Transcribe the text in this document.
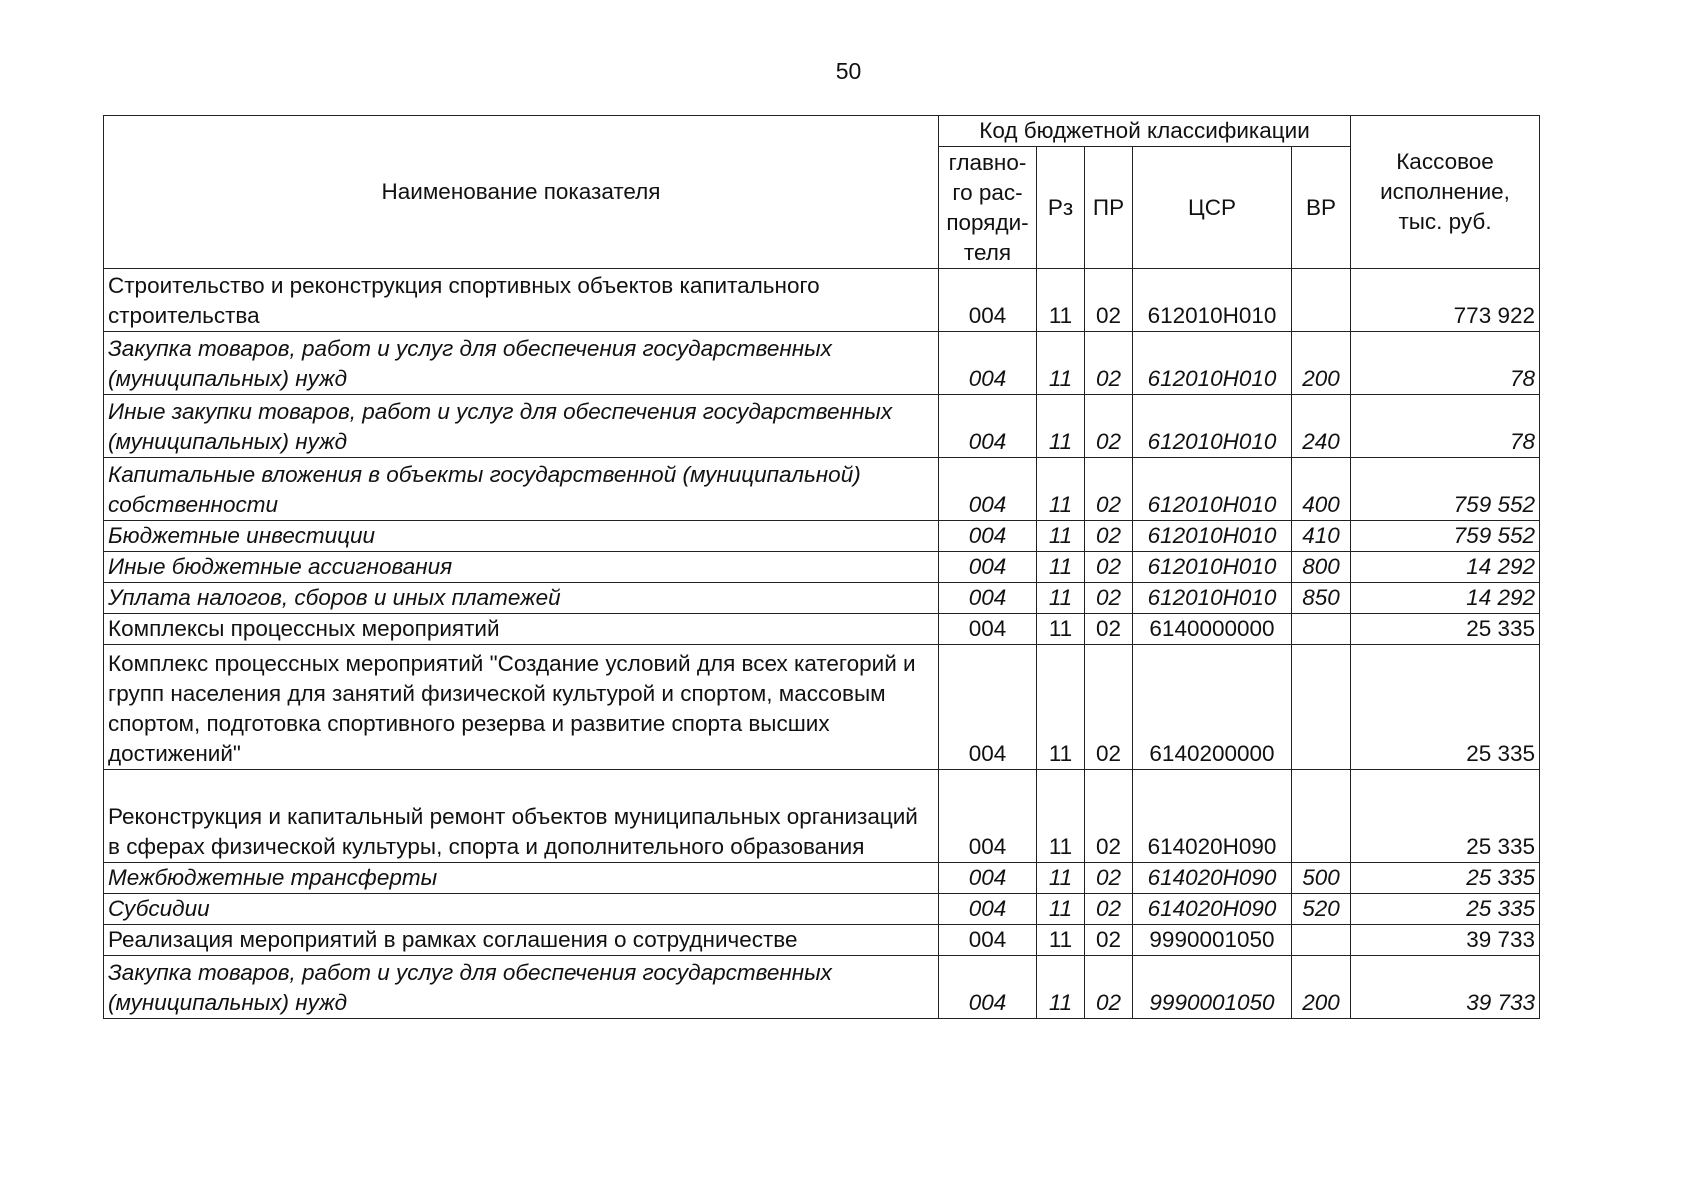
50
Наименование показателя	Код бюджетной классификации					Кассовое исполнение, тыс. руб.
	главно-го рас-поряди-теля	Рз	ПР	ЦСР	ВР	
Строительство и реконструкция спортивных объектов капитального строительства	004	11	02	612010Н010		773 922
Закупка товаров, работ и услуг для обеспечения государственных (муниципальных) нужд	004	11	02	612010Н010	200	78
Иные закупки товаров, работ и услуг для обеспечения государственных (муниципальных) нужд	004	11	02	612010Н010	240	78
Капитальные вложения в объекты государственной (муниципальной) собственности	004	11	02	612010Н010	400	759 552
Бюджетные инвестиции	004	11	02	612010Н010	410	759 552
Иные бюджетные ассигнования	004	11	02	612010Н010	800	14 292
Уплата налогов, сборов и иных платежей	004	11	02	612010Н010	850	14 292
Комплексы процессных мероприятий	004	11	02	6140000000		25 335
Комплекс процессных мероприятий "Создание условий для всех категорий и групп населения для занятий физической культурой и спортом, массовым спортом, подготовка спортивного резерва и развитие спорта высших достижений"	004	11	02	6140200000		25 335
Реконструкция и капитальный ремонт объектов муниципальных организаций в сферах физической культуры, спорта и дополнительного образования	004	11	02	614020Н090		25 335
Межбюджетные трансферты	004	11	02	614020Н090	500	25 335
Субсидии	004	11	02	614020Н090	520	25 335
Реализация мероприятий в рамках соглашения о сотрудничестве	004	11	02	9990001050		39 733
Закупка товаров, работ и услуг для обеспечения государственных (муниципальных) нужд	004	11	02	9990001050	200	39 733
